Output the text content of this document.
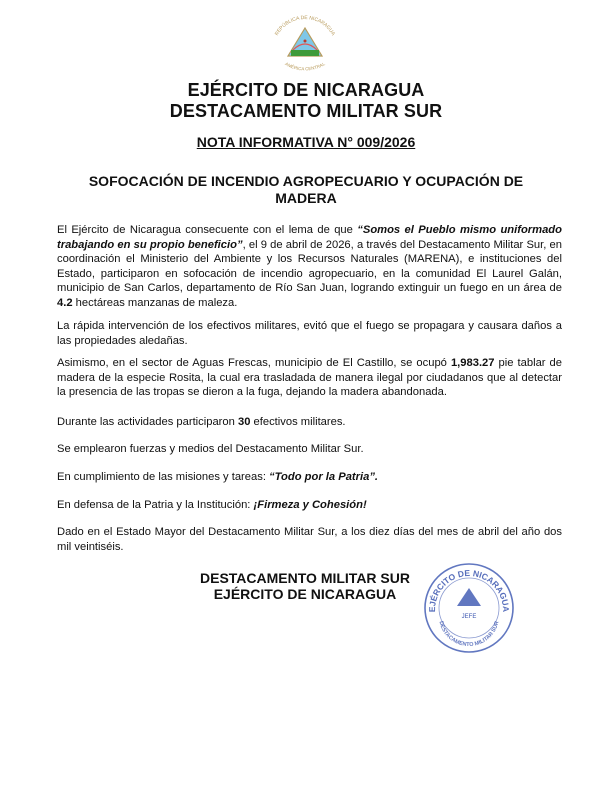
REPÚBLICA DE NICARAGUA
AMÉRICA CENTRAL
EJÉRCITO DE NICARAGUA
DESTACAMENTO MILITAR SUR
NOTA INFORMATIVA N° 009/2026
SOFOCACIÓN DE INCENDIO AGROPECUARIO Y OCUPACIÓN DE MADERA
El Ejército de Nicaragua consecuente con el lema de que “Somos el Pueblo mismo uniformado trabajando en su propio beneficio”, el 9 de abril de 2026, a través del Destacamento Militar Sur, en coordinación el Ministerio del Ambiente y los Recursos Naturales (MARENA), e instituciones del Estado, participaron en sofocación de incendio agropecuario, en la comunidad El Laurel Galán, municipio de San Carlos, departamento de Río San Juan, logrando extinguir un fuego en un área de 4.2 hectáreas manzanas de maleza.
La rápida intervención de los efectivos militares, evitó que el fuego se propagara y causara daños a las propiedades aledañas.
Asimismo, en el sector de Aguas Frescas, municipio de El Castillo, se ocupó 1,983.27 pie tablar de madera de la especie Rosita, la cual era trasladada de manera ilegal por ciudadanos que al detectar la presencia de las tropas se dieron a la fuga, dejando la madera abandonada.
Durante las actividades participaron 30 efectivos militares.
Se emplearon fuerzas y medios del Destacamento Militar Sur.
En cumplimiento de las misiones y tareas: “Todo por la Patria”.
En defensa de la Patria y la Institución: ¡Firmeza y Cohesión!
Dado en el Estado Mayor del Destacamento Militar Sur, a los diez días del mes de abril del año dos mil veintiséis.
DESTACAMENTO MILITAR SUR
EJÉRCITO DE NICARAGUA
EJÉRCITO DE NICARAGUA
DESTACAMENTO MILITAR SUR
JEFE
